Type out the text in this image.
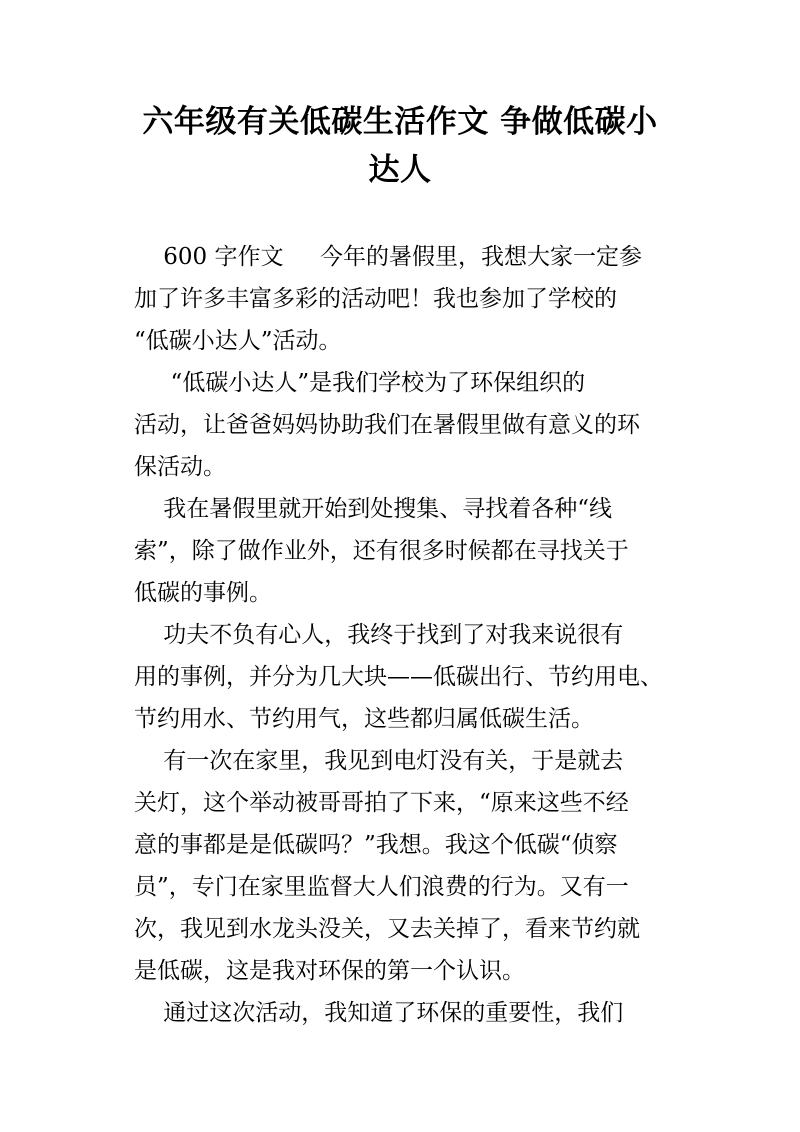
六年级有关低碳生活作文 争做低碳小
达人
600 字作文     今年的暑假里，我想大家一定参
加了许多丰富多彩的活动吧！我也参加了学校的
“低碳小达人”活动。
“低碳小达人”是我们学校为了环保组织的
活动，让爸爸妈妈协助我们在暑假里做有意义的环
保活动。
我在暑假里就开始到处搜集、寻找着各种“线
索”，除了做作业外，还有很多时候都在寻找关于
低碳的事例。
功夫不负有心人，我终于找到了对我来说很有
用的事例，并分为几大块——低碳出行、节约用电、
节约用水、节约用气，这些都归属低碳生活。
有一次在家里，我见到电灯没有关，于是就去
关灯，这个举动被哥哥拍了下来，“原来这些不经
意的事都是是低碳吗？”我想。我这个低碳“侦察
员”，专门在家里监督大人们浪费的行为。又有一
次，我见到水龙头没关，又去关掉了，看来节约就
是低碳，这是我对环保的第一个认识。
通过这次活动，我知道了环保的重要性，我们
